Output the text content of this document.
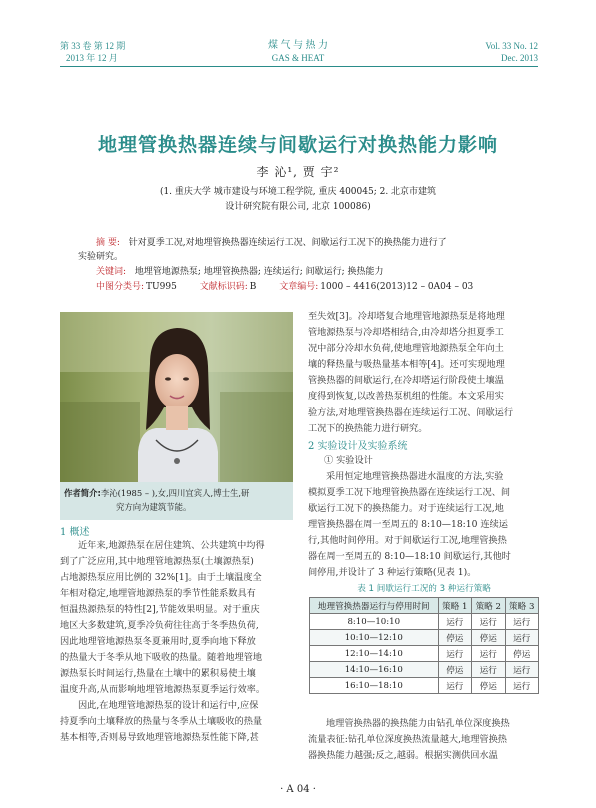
第 33 卷 第 12 期
2013 年 12 月
煤 气 与 热 力
GAS & HEAT
Vol. 33 No. 12
Dec. 2013
地理管换热器连续与间歇运行对换热能力影响
李 沁¹, 贾 宇²
(1. 重庆大学 城市建设与环境工程学院, 重庆 400045; 2. 北京市建筑
设计研究院有限公司, 北京 100086)
摘 要: 针对夏季工况,对地埋管换热器连续运行工况、间歇运行工况下的换热能力进行了
实验研究。
关键词: 地埋管地源热泵; 地埋管换热器; 连续运行; 间歇运行; 换热能力
中图分类号: TU995	文献标识码: B	文章编号: 1000 – 4416(2013)12 – 0A04 – 03
作者简介:李沁(1985 – ),女,四川宜宾人,博士生,研
究方向为建筑节能。
1 概述
近年来,地源热泵在居住建筑、公共建筑中均得
到了广泛应用,其中地理管地源热泵(土壤源热泵)
占地源热泵应用比例的 32%[1]。由于土壤温度全
年相对稳定,地埋管地源热泵的季节性能系数具有
恒温热源热泵的特性[2],节能效果明显。对于重庆
地区大多数建筑,夏季冷负荷往往高于冬季热负荷,
因此地理管地源热泵冬夏兼用时,夏季向地下释放
的热量大于冬季从地下吸收的热量。随着地埋管地
源热泵长时间运行,热量在土壤中的累积易使土壤
温度升高,从而影响地埋管地源热泵夏季运行效率。
因此,在地理管地源热泵的设计和运行中,应保
持夏季向土壤释放的热量与冬季从土壤吸收的热量
基本相等,否则易导致地理管地源热泵性能下降,甚
至失效[3]。冷却塔复合地理管地源热泵是将地理
管地源热泵与冷却塔相结合,由冷却塔分担夏季工
况中部分冷却水负荷,使地理管地源热泵全年向土
壤的释热量与吸热量基本相等[4]。还可实现地理
管换热器的间歇运行,在冷却塔运行阶段使土壤温
度得到恢复,以改善热泵机组的性能。本文采用实
验方法,对地理管换热器在连续运行工况、间歇运行
工况下的换热能力进行研究。
2 实验设计及实验系统
① 实验设计
采用恒定地理管换热器进水温度的方法,实验
模拟夏季工况下地理管换热器在连续运行工况、间
歇运行工况下的换热能力。对于连续运行工况,地
理管换热器在周一至周五的 8:10—18:10 连续运
行,其他时间停用。对于间歇运行工况,地理管换热
器在周一至周五的 8:10—18:10 间歇运行,其他时
间停用,并设计了 3 种运行策略(见表 1)。
表 1 间歇运行工况的 3 种运行策略
地理管换热器运行与停用时间	策略 1	策略 2	策略 3
8:10—10:10	运行	运行	运行
10:10—12:10	停运	停运	运行
12:10—14:10	运行	运行	停运
14:10—16:10	停运	运行	运行
16:10—18:10	运行	停运	运行
地理管换热器的换热能力由钻孔单位深度换热
流量表征:钻孔单位深度换热流量越大,地理管换热
器换热能力越强;反之,越弱。根据实测供回水温
· A 04 ·
